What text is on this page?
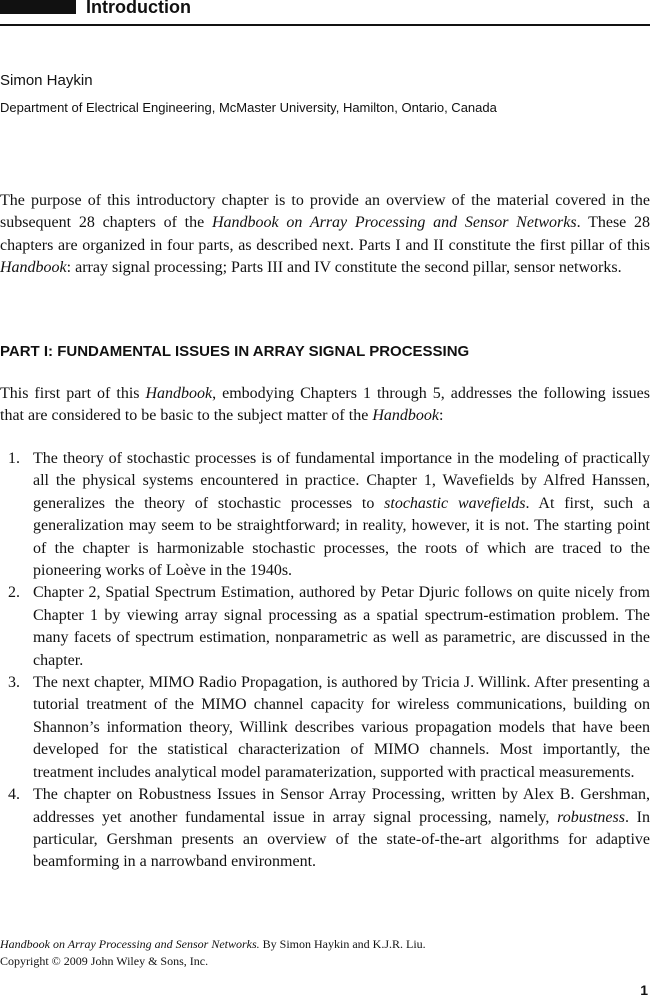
Introduction
Simon Haykin
Department of Electrical Engineering, McMaster University, Hamilton, Ontario, Canada

The purpose of this introductory chapter is to provide an overview of the material covered in the subsequent 28 chapters of the Handbook on Array Processing and Sensor Networks. These 28 chapters are organized in four parts, as described next. Parts I and II constitute the first pillar of this Handbook: array signal processing; Parts III and IV constitute the second pillar, sensor networks.

PART I: FUNDAMENTAL ISSUES IN ARRAY SIGNAL PROCESSING

This first part of this Handbook, embodying Chapters 1 through 5, addresses the following issues that are considered to be basic to the subject matter of the Handbook:

1. The theory of stochastic processes is of fundamental importance in the modeling of practically all the physical systems encountered in practice. Chapter 1, Wavefields by Alfred Hanssen, generalizes the theory of stochastic processes to stochastic wavefields. At first, such a generalization may seem to be straightforward; in reality, however, it is not. The starting point of the chapter is harmonizable stochastic processes, the roots of which are traced to the pioneering works of Loève in the 1940s.
2. Chapter 2, Spatial Spectrum Estimation, authored by Petar Djuric follows on quite nicely from Chapter 1 by viewing array signal processing as a spatial spectrum-estimation problem. The many facets of spectrum estimation, nonparametric as well as parametric, are discussed in the chapter.
3. The next chapter, MIMO Radio Propagation, is authored by Tricia J. Willink. After presenting a tutorial treatment of the MIMO channel capacity for wireless communications, building on Shannon’s information theory, Willink describes various propagation models that have been developed for the statistical characterization of MIMO channels. Most importantly, the treatment includes analytical model paramaterization, supported with practical measurements.
4. The chapter on Robustness Issues in Sensor Array Processing, written by Alex B. Gershman, addresses yet another fundamental issue in array signal processing, namely, robustness. In particular, Gershman presents an overview of the state-of-the-art algorithms for adaptive beamforming in a narrowband environment.
Handbook on Array Processing and Sensor Networks. By Simon Haykin and K.J.R. Liu.
Copyright © 2009 John Wiley & Sons, Inc.
1
